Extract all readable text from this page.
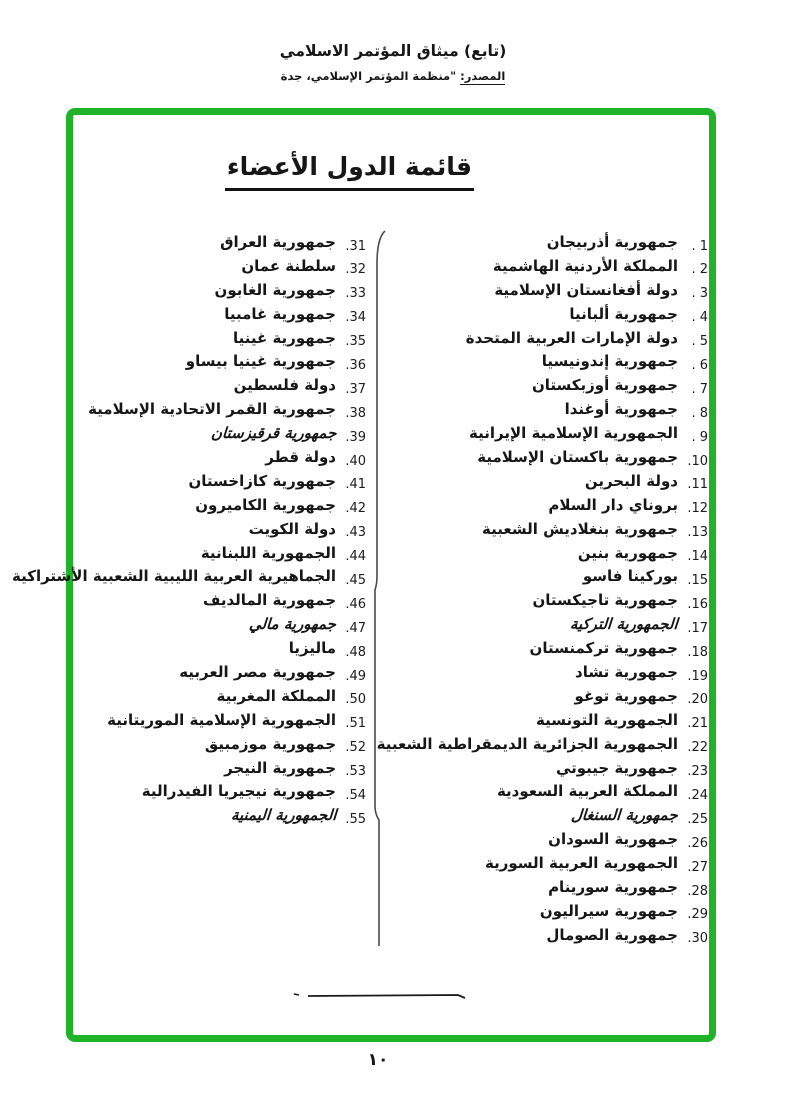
(تابع) ميثاق المؤتمر الاسلامي
المصدر: "منظمة المؤتمر الإسلامي، جدة
قائمة الدول الأعضاء
1 .
جمهورية أذربيجان
2 .
المملكة الأردنية الهاشمية
3 .
دولة أفغانستان الإسلامية
4 .
جمهورية ألبانيا
5 .
دولة الإمارات العربية المتحدة
6 .
جمهورية إندونيسيا
7 .
جمهورية أوزبكستان
8 .
جمهورية أوغندا
9 .
الجمهورية الإسلامية الإيرانية
10.
جمهورية باكستان الإسلامية
11.
دولة البحرين
12.
بروناي دار السلام
13.
جمهورية بنغلاديش الشعبية
14.
جمهورية بنين
15.
بوركينا فاسو
16.
جمهورية تاجيكستان
17.
الجمهورية التركية
18.
جمهورية تركمنستان
19.
جمهورية تشاد
20.
جمهورية توغو
21.
الجمهورية التونسية
22.
الجمهورية الجزائرية الديمقراطية الشعبية
23.
جمهورية جيبوتي
24.
المملكة العربية السعودية
25.
جمهورية السنغال
26.
جمهورية السودان
27.
الجمهورية العربية السورية
28.
جمهورية سورينام
29.
جمهورية سيراليون
30.
جمهورية الصومال
31.
جمهورية العراق
32.
سلطنة عمان
33.
جمهورية الغابون
34.
جمهورية غامبيا
35.
جمهورية غينيا
36.
جمهورية غينيا بيساو
37.
دولة فلسطين
38.
جمهورية القمر الاتحادية الإسلامية
39.
جمهورية قرقيزستان
40.
دولة قطر
41.
جمهورية كازاخستان
42.
جمهورية الكاميرون
43.
دولة الكويت
44.
الجمهورية اللبنانية
45.
الجماهيرية العربية الليبية الشعبية الأشتراكية
46.
جمهورية المالديف
47.
جمهورية مالي
48.
ماليزيا
49.
جمهورية مصر العربيه
50.
المملكة المغربية
51.
الجمهورية الإسلامية الموريتانية
52.
جمهورية موزمبيق
53.
جمهورية النيجر
54.
جمهورية نيجيريا الفيدرالية
55.
الجمهورية اليمنية
١٠
